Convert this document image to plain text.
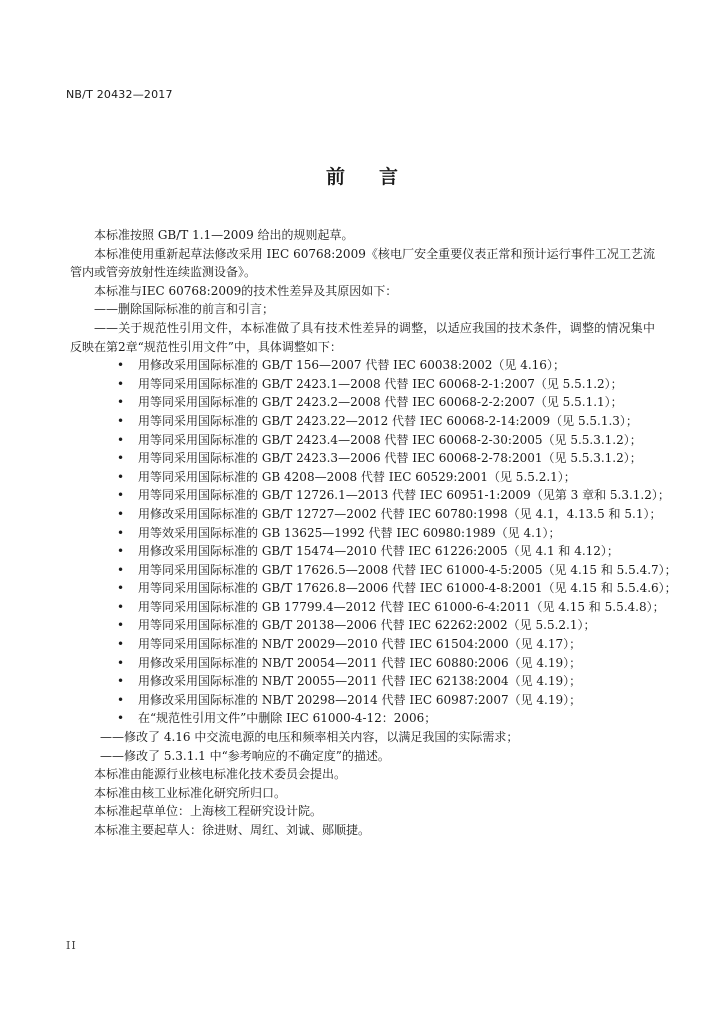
NB/T 20432—2017
前 言

本标准按照 GB/T 1.1—2009 给出的规则起草。

本标准使用重新起草法修改采用 IEC 60768:2009《核电厂安全重要仪表正常和预计运行事件工况工艺流管内或管旁放射性连续监测设备》。

本标准与IEC 60768:2009的技术性差异及其原因如下：

——删除国际标准的前言和引言；

——关于规范性引用文件，本标准做了具有技术性差异的调整，以适应我国的技术条件，调整的情况集中反映在第2章“规范性引用文件”中，具体调整如下：

• 用修改采用国际标准的 GB/T 156—2007 代替 IEC 60038:2002（见 4.16）；
• 用等同采用国际标准的 GB/T 2423.1—2008 代替 IEC 60068-2-1:2007（见 5.5.1.2）；
• 用等同采用国际标准的 GB/T 2423.2—2008 代替 IEC 60068-2-2:2007（见 5.5.1.1）；
• 用等同采用国际标准的 GB/T 2423.22—2012 代替 IEC 60068-2-14:2009（见 5.5.1.3）；
• 用等同采用国际标准的 GB/T 2423.4—2008 代替 IEC 60068-2-30:2005（见 5.5.3.1.2）；
• 用等同采用国际标准的 GB/T 2423.3—2006 代替 IEC 60068-2-78:2001（见 5.5.3.1.2）；
• 用等同采用国际标准的 GB 4208—2008 代替 IEC 60529:2001（见 5.5.2.1）；
• 用等同采用国际标准的 GB/T 12726.1—2013 代替 IEC 60951-1:2009（见第 3 章和 5.3.1.2）；
• 用修改采用国际标准的 GB/T 12727—2002 代替 IEC 60780:1998（见 4.1，4.13.5 和 5.1）；
• 用等效采用国际标准的 GB 13625—1992 代替 IEC 60980:1989（见 4.1）；
• 用修改采用国际标准的 GB/T 15474—2010 代替 IEC 61226:2005（见 4.1 和 4.12）；
• 用等同采用国际标准的 GB/T 17626.5—2008 代替 IEC 61000-4-5:2005（见 4.15 和 5.5.4.7）；
• 用等同采用国际标准的 GB/T 17626.8—2006 代替 IEC 61000-4-8:2001（见 4.15 和 5.5.4.6）；
• 用等同采用国际标准的 GB 17799.4—2012 代替 IEC 61000-6-4:2011（见 4.15 和 5.5.4.8）；
• 用等同采用国际标准的 GB/T 20138—2006 代替 IEC 62262:2002（见 5.5.2.1）；
• 用等同采用国际标准的 NB/T 20029—2010 代替 IEC 61504:2000（见 4.17）；
• 用修改采用国际标准的 NB/T 20054—2011 代替 IEC 60880:2006（见 4.19）；
• 用修改采用国际标准的 NB/T 20055—2011 代替 IEC 62138:2004（见 4.19）；
• 用修改采用国际标准的 NB/T 20298—2014 代替 IEC 60987:2007（见 4.19）；
• 在“规范性引用文件”中删除 IEC 61000-4-12：2006；

——修改了 4.16 中交流电源的电压和频率相关内容，以满足我国的实际需求；

——修改了 5.3.1.1 中“参考响应的不确定度”的描述。

本标准由能源行业核电标准化技术委员会提出。

本标准由核工业标准化研究所归口。

本标准起草单位：上海核工程研究设计院。

本标准主要起草人：徐进财、周红、刘诚、郧顺捷。

II
